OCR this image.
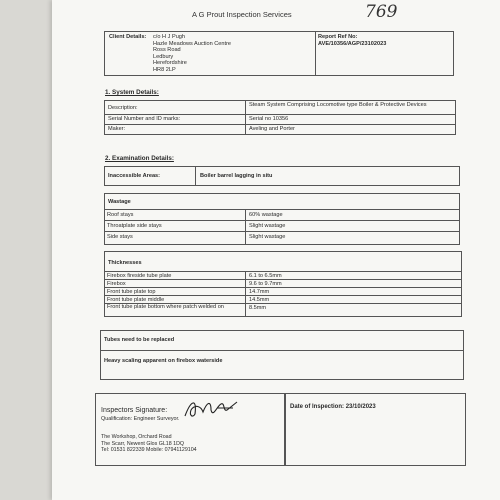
769
A G Prout Inspection Services
Client Details: c/o H J Pugh
Hazle Meadows Auction Centre
Ross Road
Ledbury
Herefordshire
HR8 2LP
Report Ref No:
AVE/10356/AGP/23102023
1. System Details:
Description:	Steam System Comprising Locomotive type Boiler & Protective Devices
Serial Number and ID marks:	Serial no 10356
Maker:	Aveling and Porter
2. Examination Details:
Inaccessible Areas:	Boiler barrel lagging in situ
Wastage
Roof stays	60% wastage
Throatplate side stays	Slight wastage
Side stays	Slight wastage
Thicknesses
Firebox fireside tube plate	6.1 to 6.5mm
Firebox	9.6 to 9.7mm
Front tube plate top	14.7mm
Front tube plate middle	14.5mm
Front tube plate bottom where patch welded on	8.5mm
Tubes need to be replaced
Heavy scaling apparent on firebox waterside
Inspectors Signature:
Qualification: Engineer Surveyor.
The Workshop, Orchard Road
The Scarr, Newent Glos GL18 1DQ
Tel: 01531 822339 Mobile: 07941129104
Date of Inspection: 23/10/2023
